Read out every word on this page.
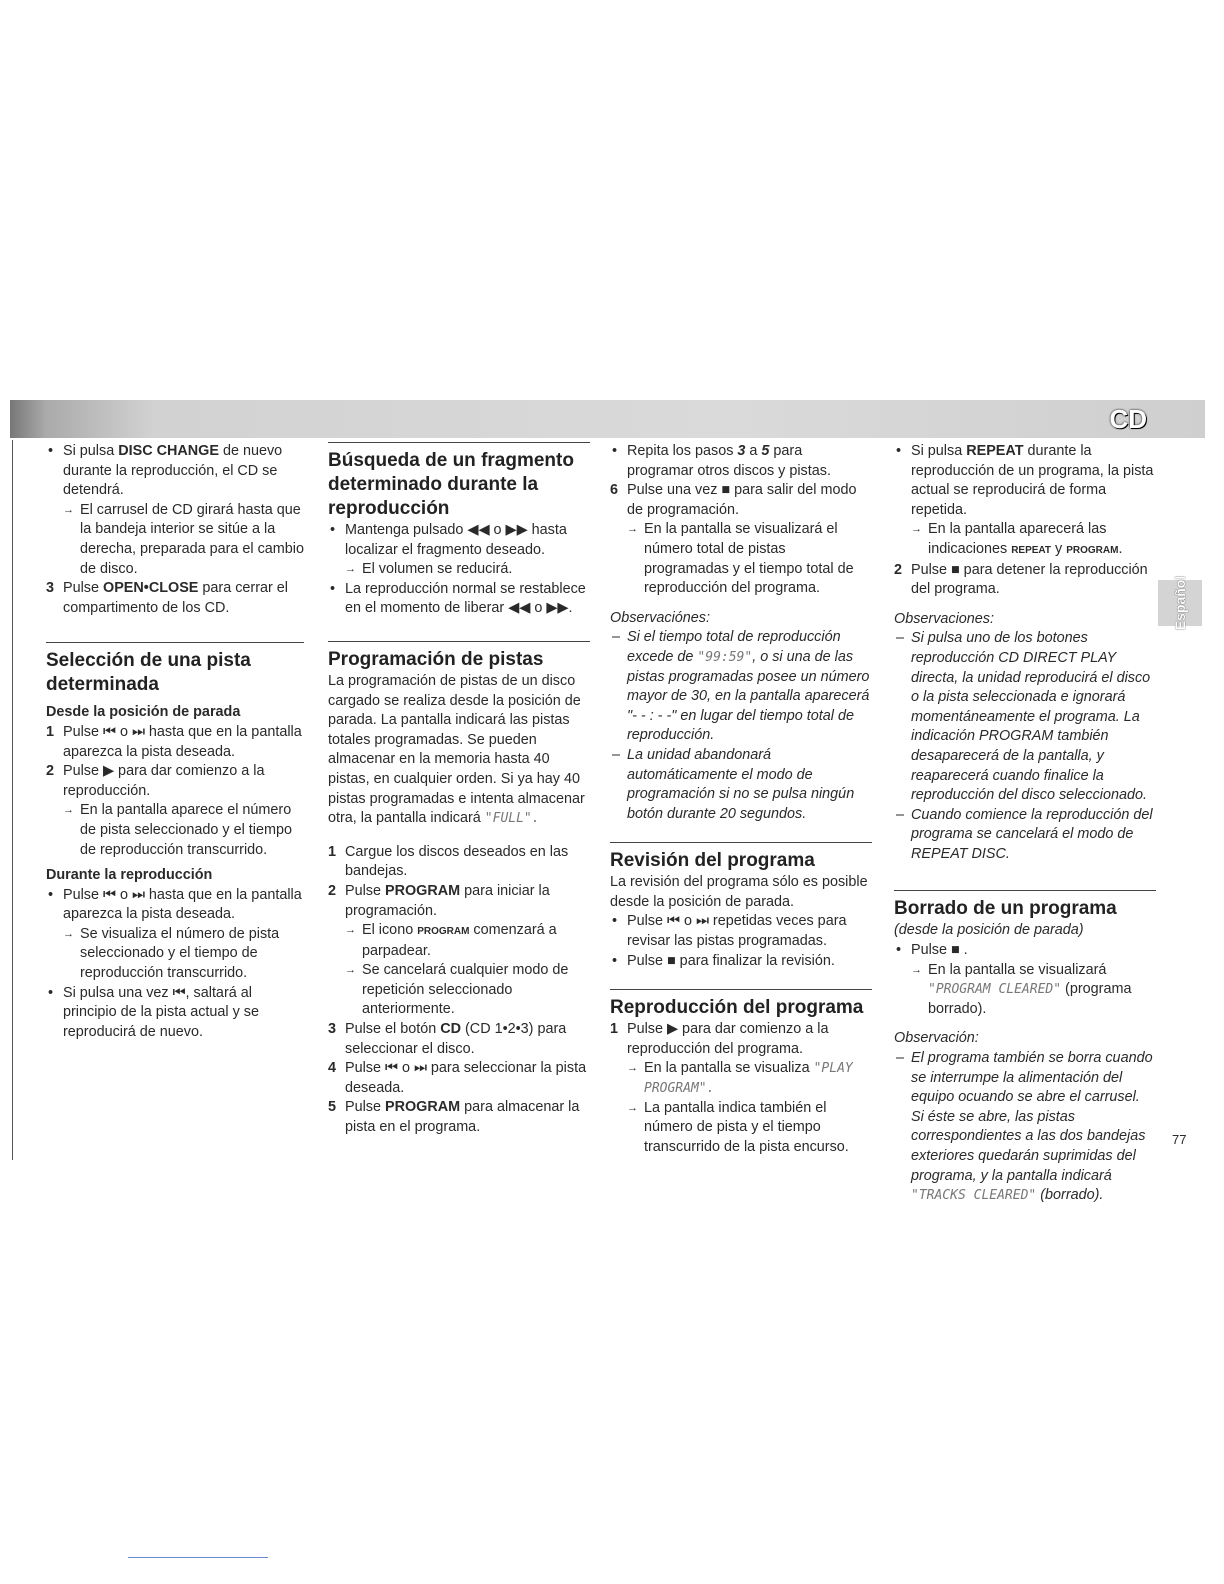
CD
Español
77

• Si pulsa DISC CHANGE de nuevo durante la reproducción, el CD se detendrá.

→ El carrusel de CD girará hasta que la bandeja interior se sitúe a la derecha, preparada para el cambio de disco.

3 Pulse OPEN•CLOSE para cerrar el compartimento de los CD.

Selección de una pista determinada
Desde la posición de parada

1 Pulse ⏮ o ⏭ hasta que en la pantalla aparezca la pista deseada.

2 Pulse ▶ para dar comienzo a la reproducción.

→ En la pantalla aparece el número de pista seleccionado y el tiempo de reproducción transcurrido.

Durante la reproducción

• Pulse ⏮ o ⏭ hasta que en la pantalla aparezca la pista deseada.

→ Se visualiza el número de pista seleccionado y el tiempo de reproducción transcurrido.

• Si pulsa una vez ⏮, saltará al principio de la pista actual y se reproducirá de nuevo.

Búsqueda de un fragmento determinado durante la reproducción

• Mantenga pulsado ◀◀ o ▶▶ hasta localizar el fragmento deseado.

→ El volumen se reducirá.

• La reproducción normal se restablece en el momento de liberar ◀◀ o ▶▶.

Programación de pistas

La programación de pistas de un disco cargado se realiza desde la posición de parada. La pantalla indicará las pistas totales programadas. Se pueden almacenar en la memoria hasta 40 pistas, en cualquier orden. Si ya hay 40 pistas programadas e intenta almacenar otra, la pantalla indicará "FULL".

1 Cargue los discos deseados en las bandejas.

2 Pulse PROGRAM para iniciar la programación.

→ El icono PROGRAM comenzará a parpadear.

→ Se cancelará cualquier modo de repetición seleccionado anteriormente.

3 Pulse el botón CD (CD 1•2•3) para seleccionar el disco.

4 Pulse ⏮ o ⏭ para seleccionar la pista deseada.

5 Pulse PROGRAM para almacenar la pista en el programa.

• Repita los pasos 3 a 5 para programar otros discos y pistas.

6 Pulse una vez ■ para salir del modo de programación.

→ En la pantalla se visualizará el número total de pistas programadas y el tiempo total de reproducción del programa.

Observaciónes:

– Si el tiempo total de reproducción excede de "99:59", o si una de las pistas programadas posee un número mayor de 30, en la pantalla aparecerá "- - : - -" en lugar del tiempo total de reproducción.

– La unidad abandonará automáticamente el modo de programación si no se pulsa ningún botón durante 20 segundos.

Revisión del programa

La revisión del programa sólo es posible desde la posición de parada.

• Pulse ⏮ o ⏭ repetidas veces para revisar las pistas programadas.

• Pulse ■ para finalizar la revisión.

Reproducción del programa

1 Pulse ▶ para dar comienzo a la reproducción del programa.

→ En la pantalla se visualiza "PLAY PROGRAM".

→ La pantalla indica también el número de pista y el tiempo transcurrido de la pista encurso.

• Si pulsa REPEAT durante la reproducción de un programa, la pista actual se reproducirá de forma repetida.

→ En la pantalla aparecerá las indicaciones REPEAT y PROGRAM.

2 Pulse ■ para detener la reproducción del programa.

Observaciones:

– Si pulsa uno de los botones reproducción CD DIRECT PLAY directa, la unidad reproducirá el disco o la pista seleccionada e ignorará momentáneamente el programa. La indicación PROGRAM también desaparecerá de la pantalla, y reaparecerá cuando finalice la reproducción del disco seleccionado.

– Cuando comience la reproducción del programa se cancelará el modo de REPEAT DISC.

Borrado de un programa

(desde la posición de parada)

• Pulse ■ .

→ En la pantalla se visualizará "PROGRAM CLEARED" (programa borrado).

Observación:

– El programa también se borra cuando se interrumpe la alimentación del equipo ocuando se abre el carrusel. Si éste se abre, las pistas correspondientes a las dos bandejas exteriores quedarán suprimidas del programa, y la pantalla indicará "TRACKS CLEARED" (borrado).
